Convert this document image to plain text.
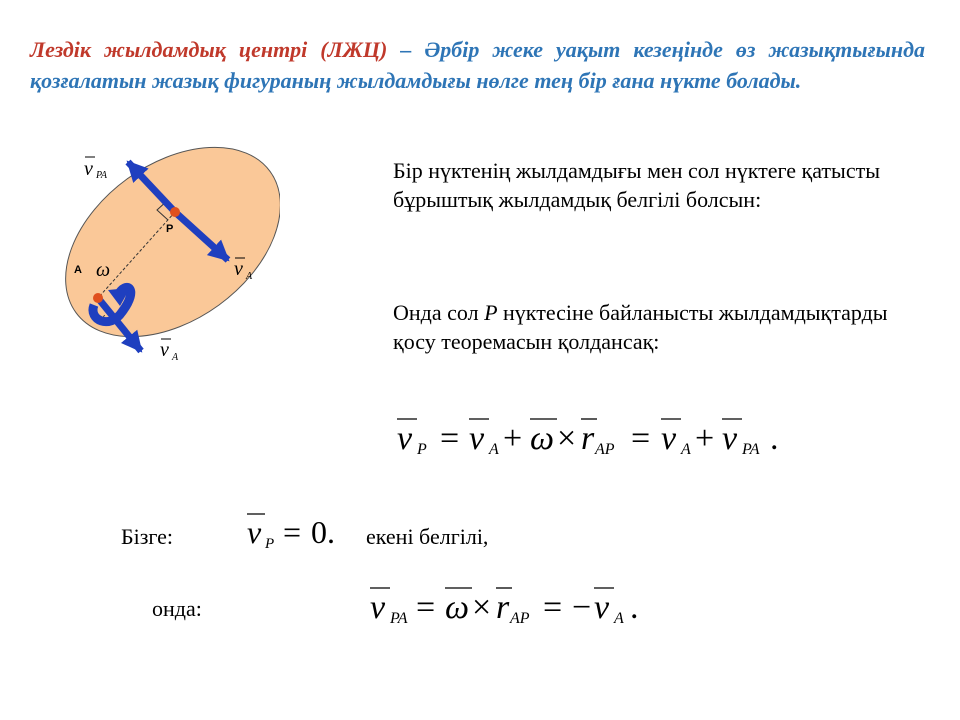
Лездік жылдамдық центрі (ЛЖЦ) – Әрбір жеке уақыт кезеңінде өз жазықтығында қозғалатын жазық фигураның жылдамдығы нөлге тең бір ғана нүкте болады.

P
A ω
v PA
v A
v A

Бір нүктенің жылдамдығы мен сол нүктеге қатысты бұрыштық жылдамдық белгілі болсын:

Онда сол P нүктесіне байланысты жылдамдықтарды қосу теоремасын қолдансақ:

v P = v A + ω × r AP = v A + v PA .
Бізге: v P = 0. екені белгілі,
онда:	v PA = ω × r AP = − v A .
